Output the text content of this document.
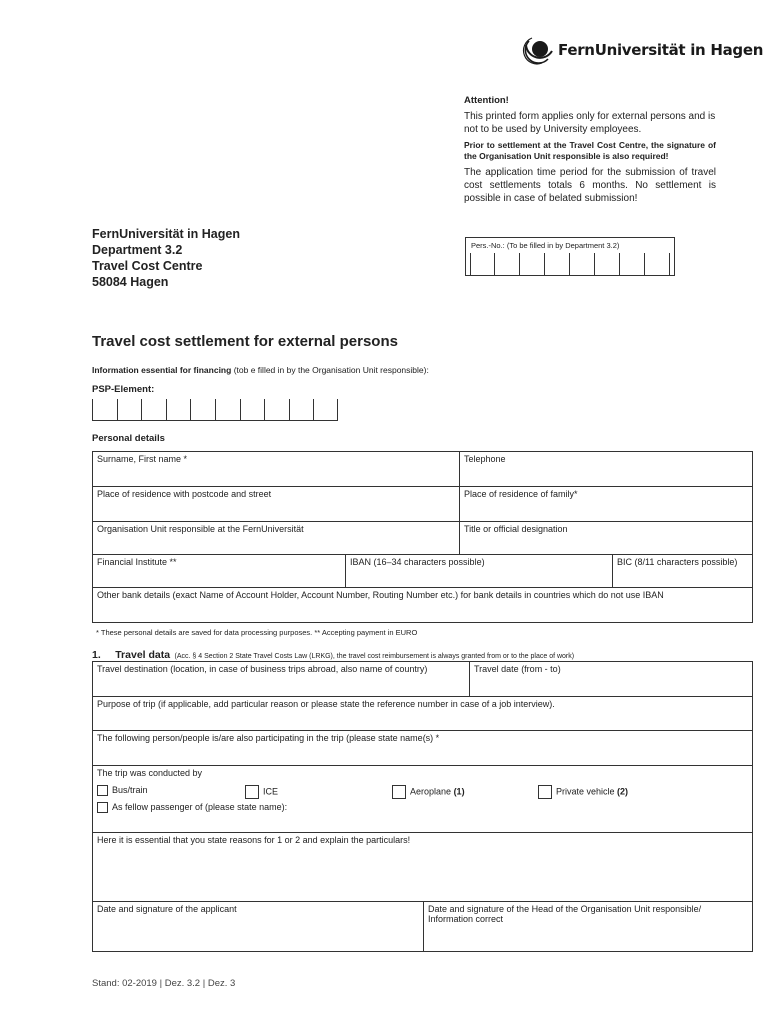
FernUniversität in Hagen
Attention!
This printed form applies only for external persons and is not to be used by University employees.
Prior to settlement at the Travel Cost Centre, the signature of the Organisation Unit responsible is also required!
The application time period for the submission of travel cost settlements totals 6 months. No settlement is possible in case of belated submission!
FernUniversität in Hagen
Department 3.2
Travel Cost Centre
58084 Hagen
Pers.-No.: (To be filled in by Department 3.2)
Travel cost settlement for external persons
Information essential for financing (tob e filled in by the Organisation Unit responsible):
PSP-Element:
Personal details
Surname, First name *	Telephone
Place of residence with postcode and street	Place of residence of family*
Organisation Unit responsible at the FernUniversität	Title or official designation
Financial Institute **	IBAN (16–34 characters possible)	BIC (8/11 characters possible)
Other bank details (exact Name of Account Holder, Account Number, Routing Number etc.) for bank details in countries which do not use IBAN
* These personal details are saved for data processing purposes. ** Accepting payment in EURO
1. Travel data (Acc. § 4 Section 2 State Travel Costs Law (LRKG), the travel cost reimbursement is always granted from or to the place of work)
Travel destination (location, in case of business trips abroad, also name of country)	Travel date (from - to)
Purpose of trip (if applicable, add particular reason or please state the reference number in case of a job interview).
The following person/people is/are also participating in the trip (please state name(s) *
The trip was conducted by
Bus/train	ICE	Aeroplane (1)	Private vehicle (2)
As fellow passenger of (please state name):
Here it is essential that you state reasons for 1 or 2 and explain the particulars!
Date and signature of the applicant	Date and signature of the Head of the Organisation Unit responsible/ Information correct
Stand: 02-2019 | Dez. 3.2 | Dez. 3
